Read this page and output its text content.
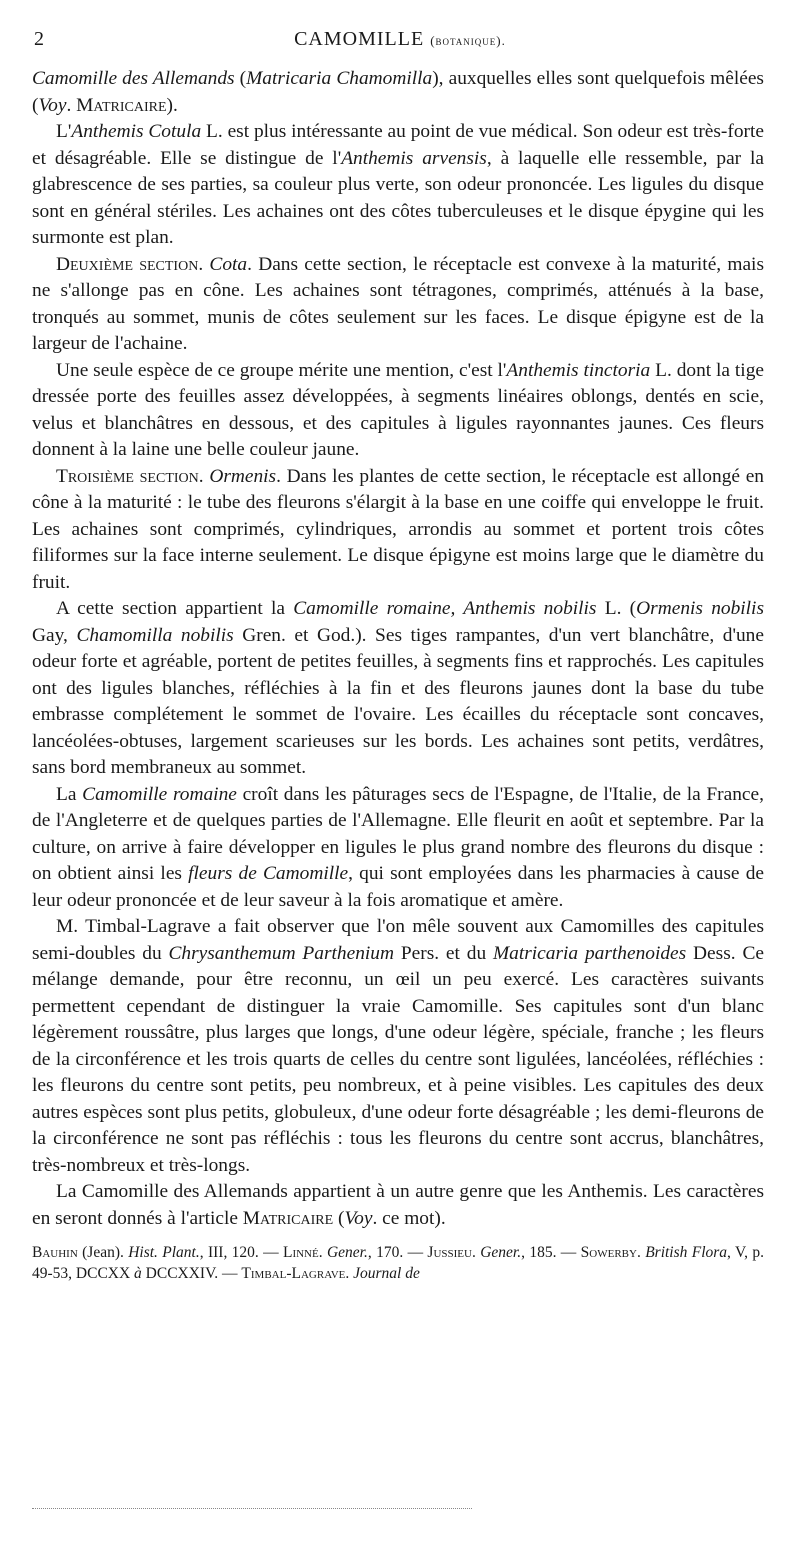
2	CAMOMILLE (botanique).

Camomille des Allemands (Matricaria Chamomilla), auxquelles elles sont quelquefois mêlées (Voy. Matricaire).

L'Anthemis Cotula L. est plus intéressante au point de vue médical. Son odeur est très-forte et désagréable. Elle se distingue de l'Anthemis arvensis, à laquelle elle ressemble, par la glabrescence de ses parties, sa couleur plus verte, son odeur prononcée. Les ligules du disque sont en général stériles. Les achaines ont des côtes tuberculeuses et le disque épygine qui les surmonte est plan.

Deuxième section. Cota. Dans cette section, le réceptacle est convexe à la maturité, mais ne s'allonge pas en cône. Les achaines sont tétragones, comprimés, atténués à la base, tronqués au sommet, munis de côtes seulement sur les faces. Le disque épigyne est de la largeur de l'achaine.

Une seule espèce de ce groupe mérite une mention, c'est l'Anthemis tinctoria L. dont la tige dressée porte des feuilles assez développées, à segments linéaires oblongs, dentés en scie, velus et blanchâtres en dessous, et des capitules à ligules rayonnantes jaunes. Ces fleurs donnent à la laine une belle couleur jaune.

Troisième section. Ormenis. Dans les plantes de cette section, le réceptacle est allongé en cône à la maturité : le tube des fleurons s'élargit à la base en une coiffe qui enveloppe le fruit. Les achaines sont comprimés, cylindriques, arrondis au sommet et portent trois côtes filiformes sur la face interne seulement. Le disque épigyne est moins large que le diamètre du fruit.

A cette section appartient la Camomille romaine, Anthemis nobilis L. (Ormenis nobilis Gay, Chamomilla nobilis Gren. et God.). Ses tiges rampantes, d'un vert blanchâtre, d'une odeur forte et agréable, portent de petites feuilles, à segments fins et rapprochés. Les capitules ont des ligules blanches, réfléchies à la fin et des fleurons jaunes dont la base du tube embrasse complétement le sommet de l'ovaire. Les écailles du réceptacle sont concaves, lancéolées-obtuses, largement scarieuses sur les bords. Les achaines sont petits, verdâtres, sans bord membraneux au sommet.

La Camomille romaine croît dans les pâturages secs de l'Espagne, de l'Italie, de la France, de l'Angleterre et de quelques parties de l'Allemagne. Elle fleurit en août et septembre. Par la culture, on arrive à faire développer en ligules le plus grand nombre des fleurons du disque : on obtient ainsi les fleurs de Camomille, qui sont employées dans les pharmacies à cause de leur odeur prononcée et de leur saveur à la fois aromatique et amère.

M. Timbal-Lagrave a fait observer que l'on mêle souvent aux Camomilles des capitules semi-doubles du Chrysanthemum Parthenium Pers. et du Matricaria parthenoides Dess. Ce mélange demande, pour être reconnu, un œil un peu exercé. Les caractères suivants permettent cependant de distinguer la vraie Camomille. Ses capitules sont d'un blanc légèrement roussâtre, plus larges que longs, d'une odeur légère, spéciale, franche ; les fleurs de la circonférence et les trois quarts de celles du centre sont ligulées, lancéolées, réfléchies : les fleurons du centre sont petits, peu nombreux, et à peine visibles. Les capitules des deux autres espèces sont plus petits, globuleux, d'une odeur forte désagréable ; les demi-fleurons de la circonférence ne sont pas réfléchis : tous les fleurons du centre sont accrus, blanchâtres, très-nombreux et très-longs.

La Camomille des Allemands appartient à un autre genre que les Anthemis. Les caractères en seront donnés à l'article Matricaire (Voy. ce mot).

Bauhin (Jean). Hist. Plant., III, 120. — Linné. Gener., 170. — Jussieu. Gener., 185. — Sowerby. British Flora, V, p. 49-53, DCCXX à DCCXXIV. — Timbal-Lagrave. Journal de
